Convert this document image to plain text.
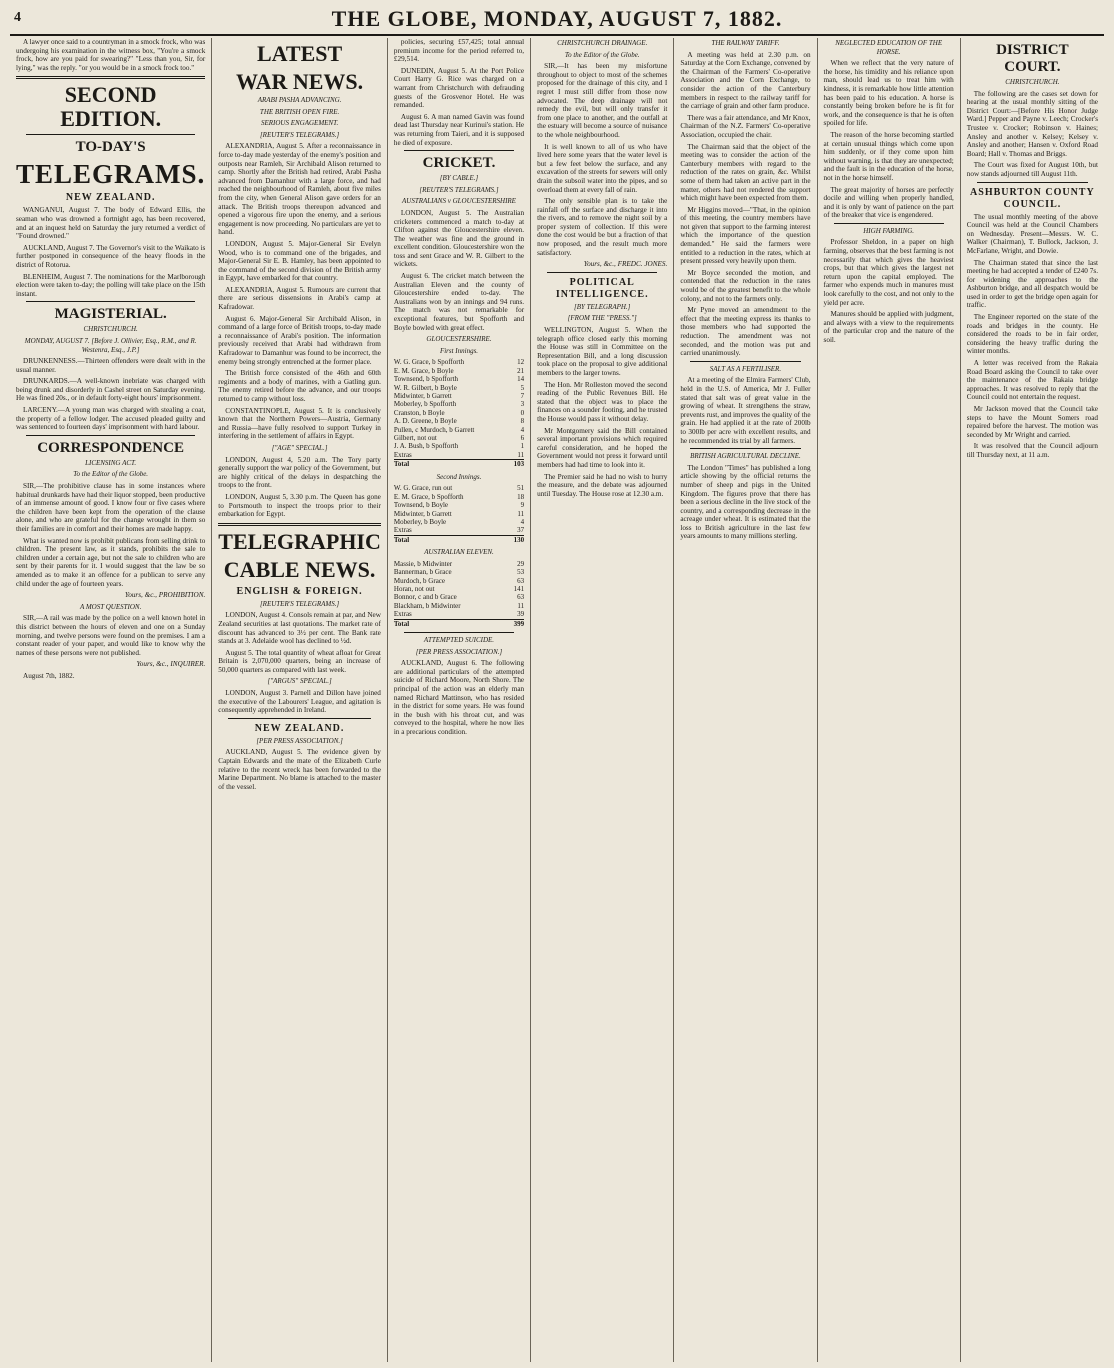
4	THE GLOBE, MONDAY, AUGUST 7, 1882.

A lawyer once said to a countryman in a smock frock, who was undergoing his examination in the witness box, "You're a smock frock, how are you paid for swearing?" "Less than you, Sir, for lying," was the reply. "or you would be in a smock frock too."

SECOND EDITION.
TO-DAY'S
TELEGRAMS.
NEW ZEALAND.

WANGANUI, August 7. The body of Edward Ellis, the seaman who was drowned a fortnight ago, has been recovered, and at an inquest held on Saturday the jury returned a verdict of "Found drowned."

AUCKLAND, August 7. The Governor's visit to the Waikato is further postponed in consequence of the heavy floods in the district of Rotorua.

BLENHEIM, August 7. The nominations for the Marlborough election were taken to-day; the polling will take place on the 15th instant.

MAGISTERIAL.
CHRISTCHURCH.
MONDAY, AUGUST 7. [Before J. Ollivier, Esq., R.M., and R. Westenra, Esq., J.P.]

DRUNKENNESS.—Thirteen offenders were dealt with in the usual manner.

DRUNKARDS.—A well-known inebriate was charged with being drunk and disorderly in Cashel street on Saturday evening. He was fined 20s., or in default forty-eight hours' imprisonment.

LARCENY.—A young man was charged with stealing a coat, the property of a fellow lodger. The accused pleaded guilty and was sentenced to fourteen days' imprisonment with hard labour.

CORRESPONDENCE
LICENSING ACT.
To the Editor of the Globe.

SIR,—The prohibitive clause has in some instances where habitual drunkards have had their liquor stopped, been productive of an immense amount of good. I know four or five cases where the children have been kept from the operation of the clause alone, and who are grateful for the change wrought in them so their families are in comfort and their homes are made happy.

What is wanted now is prohibit publicans from selling drink to children. The present law, as it stands, prohibits the sale to children under a certain age, but not the sale to children who are sent by their parents for it. I would suggest that the law be so amended as to make it an offence for a publican to serve any child under the age of fourteen years.

Yours, &c., PROHIBITION.
A MOST QUESTION.

SIR,—A rail was made by the police on a well known hotel in this district between the hours of eleven and one on a Sunday morning, and twelve persons were found on the premises. I am a constant reader of your paper, and would like to know why the names of these persons were not published.

Yours, &c., INQUIRER.

August 7th, 1882.

LATEST
WAR NEWS.
ARABI PASHA ADVANCING.
THE BRITISH OPEN FIRE.
SERIOUS ENGAGEMENT.
[REUTER'S TELEGRAMS.]

ALEXANDRIA, August 5. After a reconnaissance in force to-day made yesterday of the enemy's position and outposts near Ramleh, Sir Archibald Alison returned to camp. Shortly after the British had retired, Arabi Pasha advanced from Damanhur with a large force, and had reached the neighbourhood of Ramleh, about five miles from the city, when General Alison gave orders for an attack. The British troops thereupon advanced and opened a vigorous fire upon the enemy, and a serious engagement is now proceeding. No particulars are yet to hand.

LONDON, August 5. Major-General Sir Evelyn Wood, who is to command one of the brigades, and Major-General Sir E. B. Hamley, has been appointed to the command of the second division of the British army in Egypt, have embarked for that country.

ALEXANDRIA, August 5. Rumours are current that there are serious dissensions in Arabi's camp at Kafradowar.

August 6. Major-General Sir Archibald Alison, in command of a large force of British troops, to-day made a reconnaissance of Arabi's position. The information previously received that Arabi had withdrawn from Kafradowar to Damanhur was found to be incorrect, the enemy being strongly entrenched at the former place.

The British force consisted of the 46th and 60th regiments and a body of marines, with a Gatling gun. The enemy retired before the advance, and our troops returned to camp without loss.

CONSTANTINOPLE, August 5. It is conclusively known that the Northern Powers—Austria, Germany and Russia—have fully resolved to support Turkey in interfering in the settlement of affairs in Egypt.

["AGE" SPECIAL.]

LONDON, August 4, 5.20 a.m. The Tory party generally support the war policy of the Government, but are highly critical of the delays in despatching the troops to the front.

LONDON, August 5, 3.30 p.m. The Queen has gone to Portsmouth to inspect the troops prior to their embarkation for Egypt.

TELEGRAPHIC
CABLE NEWS.
ENGLISH & FOREIGN.
[REUTER'S TELEGRAMS.]

LONDON, August 4. Consols remain at par, and New Zealand securities at last quotations. The market rate of discount has advanced to 3½ per cent. The Bank rate stands at 3. Adelaide wool has declined to ½d.

August 5. The total quantity of wheat afloat for Great Britain is 2,070,000 quarters, being an increase of 50,000 quarters as compared with last week.

["ARGUS" SPECIAL.]

LONDON, August 3. Parnell and Dillon have joined the executive of the Labourers' League, and agitation is consequently apprehended in Ireland.

NEW ZEALAND.
[PER PRESS ASSOCIATION.]

AUCKLAND, August 5. The evidence given by Captain Edwards and the mate of the Elizabeth Curle relative to the recent wreck has been forwarded to the Marine Department. No blame is attached to the master of the vessel.

policies, securing £57,425; total annual premium income for the period referred to, £29,514.

DUNEDIN, August 5. At the Port Police Court Harry G. Rice was charged on a warrant from Christchurch with defrauding guests of the Grosvenor Hotel. He was remanded.

August 6. A man named Gavin was found dead last Thursday near Kurinui's station. He was returning from Taieri, and it is supposed he died of exposure.

CRICKET.
[BY CABLE.]
[REUTER'S TELEGRAMS.]
AUSTRALIANS v GLOUCESTERSHIRE

LONDON, August 5. The Australian cricketers commenced a match to-day at Clifton against the Gloucestershire eleven. The weather was fine and the ground in excellent condition. Gloucestershire won the toss and sent Grace and W. R. Gilbert to the wickets.

August 6. The cricket match between the Australian Eleven and the county of Gloucestershire ended to-day. The Australians won by an innings and 94 runs. The match was not remarkable for exceptional features, but Spofforth and Boyle bowled with great effect.

GLOUCESTERSHIRE.
First Innings.
W. G. Grace, b Spofforth	12
E. M. Grace, b Boyle	21
Townsend, b Spofforth	14
W. R. Gilbert, b Boyle	5
Midwinter, b Garrett	7
Moberley, b Spofforth	3
Cranston, b Boyle	0
A. D. Greene, b Boyle	8
Pullen, c Murdoch, b Garrett	4
Gilbert, not out	6
J. A. Bush, b Spofforth	1
Extras	11
Total	103
Second Innings.
W. G. Grace, run out	51
E. M. Grace, b Spofforth	18
Townsend, b Boyle	9
Midwinter, b Garrett	11
Moberley, b Boyle	4
Extras	37
Total	130
AUSTRALIAN ELEVEN.
Massie, b Midwinter	29
Bannerman, b Grace	53
Murdoch, b Grace	63
Horan, not out	141
Bonnor, c and b Grace	63
Blackham, b Midwinter	11
Extras	39
Total	399
ATTEMPTED SUICIDE.
[PER PRESS ASSOCIATION.]

AUCKLAND, August 6. The following are additional particulars of the attempted suicide of Richard Moore, North Shore. The principal of the action was an elderly man named Richard Mattinson, who has resided in the district for some years. He was found in the bush with his throat cut, and was conveyed to the hospital, where he now lies in a precarious condition.

CHRISTCHURCH DRAINAGE.
To the Editor of the Globe.

SIR,—It has been my misfortune throughout to object to most of the schemes proposed for the drainage of this city, and I regret I must still differ from those now advocated. The deep drainage will not remedy the evil, but will only transfer it from one place to another, and the outfall at the estuary will become a source of nuisance to the whole neighbourhood.

It is well known to all of us who have lived here some years that the water level is but a few feet below the surface, and any excavation of the streets for sewers will only drain the subsoil water into the pipes, and so overload them at every fall of rain.

The only sensible plan is to take the rainfall off the surface and discharge it into the rivers, and to remove the night soil by a proper system of collection. If this were done the cost would be but a fraction of that now proposed, and the result much more satisfactory.

Yours, &c., FREDC. JONES.
POLITICAL INTELLIGENCE.
[BY TELEGRAPH.]
[FROM THE "PRESS."]

WELLINGTON, August 5. When the telegraph office closed early this morning the House was still in Committee on the Representation Bill, and a long discussion took place on the proposal to give additional members to the larger towns.

The Hon. Mr Rolleston moved the second reading of the Public Revenues Bill. He stated that the object was to place the finances on a sounder footing, and he trusted the House would pass it without delay.

Mr Montgomery said the Bill contained several important provisions which required careful consideration, and he hoped the Government would not press it forward until members had had time to look into it.

The Premier said he had no wish to hurry the measure, and the debate was adjourned until Tuesday. The House rose at 12.30 a.m.

THE RAILWAY TARIFF.

A meeting was held at 2.30 p.m. on Saturday at the Corn Exchange, convened by the Chairman of the Farmers' Co-operative Association and the Corn Exchange, to consider the action of the Canterbury members in respect to the railway tariff for the carriage of grain and other farm produce.

There was a fair attendance, and Mr Knox, Chairman of the N.Z. Farmers' Co-operative Association, occupied the chair.

The Chairman said that the object of the meeting was to consider the action of the Canterbury members with regard to the reduction of the rates on grain, &c. Whilst some of them had taken an active part in the matter, others had not rendered the support which might have been expected from them.

Mr Higgins moved—"That, in the opinion of this meeting, the country members have not given that support to the farming interest which the importance of the question demanded." He said the farmers were entitled to a reduction in the rates, which at present pressed very heavily upon them.

Mr Boyce seconded the motion, and contended that the reduction in the rates would be of the greatest benefit to the whole colony, and not to the farmers only.

Mr Pyne moved an amendment to the effect that the meeting express its thanks to those members who had supported the reduction. The amendment was not seconded, and the motion was put and carried unanimously.

SALT AS A FERTILISER.

At a meeting of the Elmira Farmers' Club, held in the U.S. of America, Mr J. Fuller stated that salt was of great value in the growing of wheat. It strengthens the straw, prevents rust, and improves the quality of the grain. He had applied it at the rate of 200lb to 300lb per acre with excellent results, and he recommended its trial by all farmers.

BRITISH AGRICULTURAL DECLINE.

The London "Times" has published a long article showing by the official returns the number of sheep and pigs in the United Kingdom. The figures prove that there has been a serious decline in the live stock of the country, and a corresponding decrease in the acreage under wheat. It is estimated that the loss to British agriculture in the last few years amounts to many millions sterling.

NEGLECTED EDUCATION OF THE HORSE.

When we reflect that the very nature of the horse, his timidity and his reliance upon man, should lead us to treat him with kindness, it is remarkable how little attention has been paid to his education. A horse is constantly being broken before he is fit for work, and the consequence is that he is often spoiled for life.

The reason of the horse becoming startled at certain unusual things which come upon him suddenly, or if they come upon him without warning, is that they are unexpected; and the fault is in the education of the horse, not in the horse himself.

The great majority of horses are perfectly docile and willing when properly handled, and it is only by want of patience on the part of the breaker that vice is engendered.

HIGH FARMING.

Professor Sheldon, in a paper on high farming, observes that the best farming is not necessarily that which gives the heaviest crops, but that which gives the largest net return upon the capital employed. The farmer who expends much in manures must look carefully to the cost, and not only to the yield per acre.

Manures should be applied with judgment, and always with a view to the requirements of the particular crop and the nature of the soil.

DISTRICT COURT.
CHRISTCHURCH.

The following are the cases set down for hearing at the usual monthly sitting of the District Court:—[Before His Honor Judge Ward.] Pepper and Payne v. Leech; Crocker's Trustee v. Crocker; Robinson v. Haines; Ansley and another v. Kelsey; Kelsey v. Ansley and another; Hansen v. Oxford Road Board; Hall v. Thomas and Briggs.

The Court was fixed for August 10th, but now stands adjourned till August 11th.

ASHBURTON COUNTY COUNCIL.

The usual monthly meeting of the above Council was held at the Council Chambers on Wednesday. Present—Messrs. W. C. Walker (Chairman), T. Bullock, Jackson, J. McFarlane, Wright, and Dowie.

The Chairman stated that since the last meeting he had accepted a tender of £240 7s. for widening the approaches to the Ashburton bridge, and all despatch would be used in order to get the bridge open again for traffic.

The Engineer reported on the state of the roads and bridges in the county. He considered the roads to be in fair order, considering the heavy traffic during the winter months.

A letter was received from the Rakaia Road Board asking the Council to take over the maintenance of the Rakaia bridge approaches. It was resolved to reply that the Council could not entertain the request.

Mr Jackson moved that the Council take steps to have the Mount Somers road repaired before the harvest. The motion was seconded by Mr Wright and carried.

It was resolved that the Council adjourn till Thursday next, at 11 a.m.
